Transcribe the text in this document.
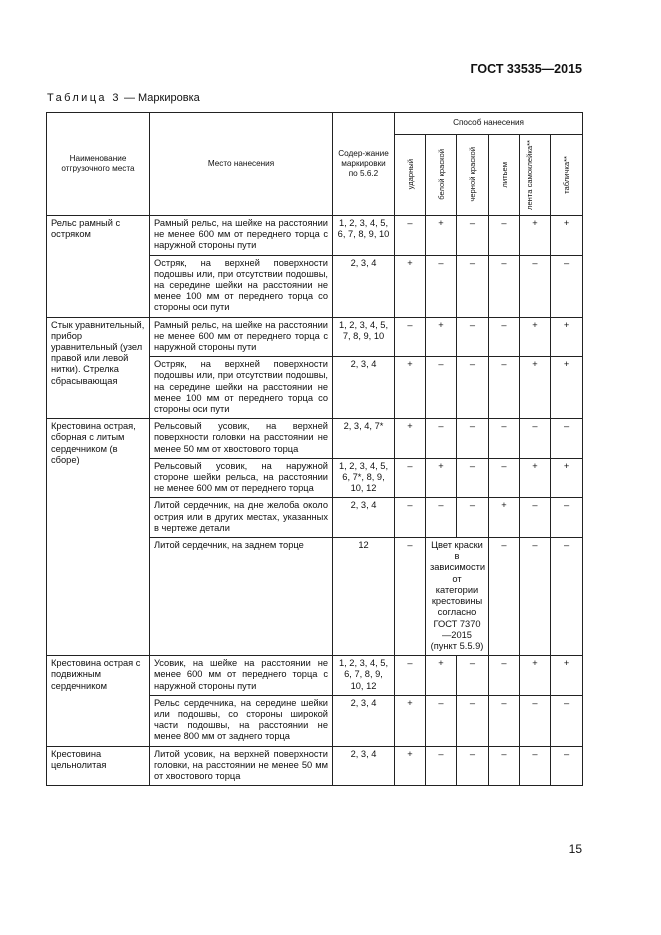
ГОСТ 33535—2015
Таблица 3 — Маркировка
Наименование отгрузочного места	Место нанесения	Содер-жание маркировки по 5.6.2	Способ нанесения					

			ударный	белой краской	черной краской	литьем	лента самоклейка**	табличка**

Рельс рамный с остряком	Рамный рельс, на шейке на расстоянии не менее 600 мм от переднего торца с наружной стороны пути	1, 2, 3, 4, 5, 6, 7, 8, 9, 10	–	+	–	–	+	+
	Остряк, на верхней поверхности подошвы или, при отсутствии подошвы, на середине шейки на расстоянии не менее 100 мм от переднего торца со стороны оси пути	2, 3, 4	+	–	–	–	–	–
Стык уравнительный, прибор уравнительный (узел правой или левой нитки). Стрелка сбрасывающая	Рамный рельс, на шейке на расстоянии не менее 600 мм от переднего торца с наружной стороны пути	1, 2, 3, 4, 5, 7, 8, 9, 10	–	+	–	–	+	+
	Остряк, на верхней поверхности подошвы или, при отсутствии подошвы, на середине шейки на расстоянии не менее 100 мм от переднего торца со стороны оси пути	2, 3, 4	+	–	–	–	+	+
Крестовина острая, сборная с литым сердечником (в сборе)	Рельсовый усовик, на верхней поверхности головки на расстоянии не менее 50 мм от хвостового торца	2, 3, 4, 7*	+	–	–	–	–	–
	Рельсовый усовик, на наружной стороне шейки рельса, на расстоянии не менее 600 мм от переднего торца	1, 2, 3, 4, 5, 6, 7*, 8, 9, 10, 12	–	+	–	–	+	+
	Литой сердечник, на дне желоба около острия или в других местах, указанных в чертеже детали	2, 3, 4	–	–	–	+	–	–
	Литой сердечник, на заднем торце	12	–	Цвет краски в зависимости от категории крестовины согласно ГОСТ 7370—2015 (пункт 5.5.9)		–	–	–
Крестовина острая с подвижным сердечником	Усовик, на шейке на расстоянии не менее 600 мм от переднего торца с наружной стороны пути	1, 2, 3, 4, 5, 6, 7, 8, 9, 10, 12	–	+	–	–	+	+
	Рельс сердечника, на середине шейки или подошвы, со стороны широкой части подошвы, на расстоянии не менее 800 мм от заднего торца	2, 3, 4	+	–	–	–	–	–
Крестовина цельнолитая	Литой усовик, на верхней поверхности головки, на расстоянии не менее 50 мм от хвостового торца	2, 3, 4	+	–	–	–	–	–
15
